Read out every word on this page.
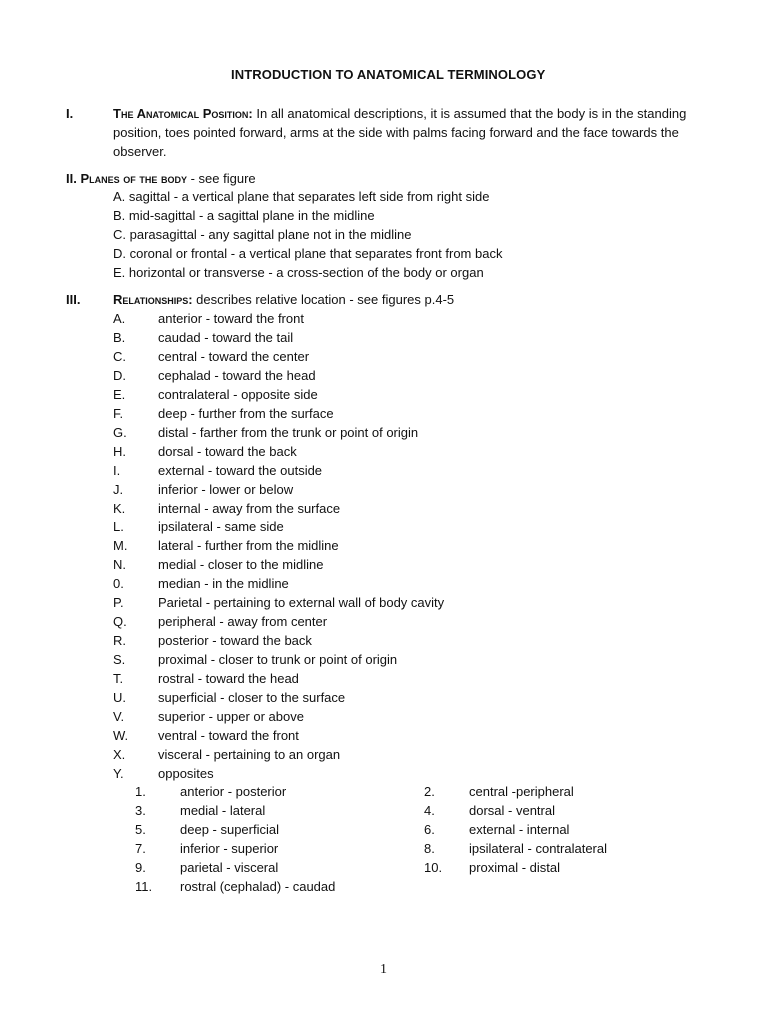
INTRODUCTION TO ANATOMICAL TERMINOLOGY
I.	The Anatomical Position: In all anatomical descriptions, it is assumed that the body is in the standing position, toes pointed forward, arms at the side with palms facing forward and the face towards the observer.
II. Planes of the body - see figure
A. sagittal - a vertical plane that separates left side from right side
B. mid-sagittal - a sagittal plane in the midline
C. parasagittal - any sagittal plane not in the midline
D. coronal or frontal - a vertical plane that separates front from back
E. horizontal or transverse - a cross-section of the body or organ
III.	Relationships: describes relative location - see figures p.4-5
A.	anterior - toward the front
B.	caudad - toward the tail
C. central - toward the center
D. cephalad - toward the head
E.	contralateral - opposite side
F.	deep - further from the surface
G. distal - farther from the trunk or point of origin
H. dorsal - toward the back
I.	external - toward the outside
J.	inferior - lower or below
K.	internal - away from the surface
L.	ipsilateral - same side
M. lateral - further from the midline
N. medial - closer to the midline
0.	median - in the midline
P.	Parietal - pertaining to external wall of body cavity
Q. peripheral - away from center
R. posterior - toward the back
S.	proximal - closer to trunk or point of origin
T.	rostral - toward the head
U. superficial - closer to the surface
V.	superior - upper or above
W. ventral - toward the front
X.	visceral - pertaining to an organ
Y.	opposites
1.	anterior - posterior	2.	central -peripheral
3.	medial - lateral	4.	dorsal - ventral
5.	deep - superficial	6.	external - internal
7.	inferior - superior	8.	ipsilateral - contralateral
9.	parietal - visceral	10. proximal - distal
11. rostral (cephalad) - caudad
1
